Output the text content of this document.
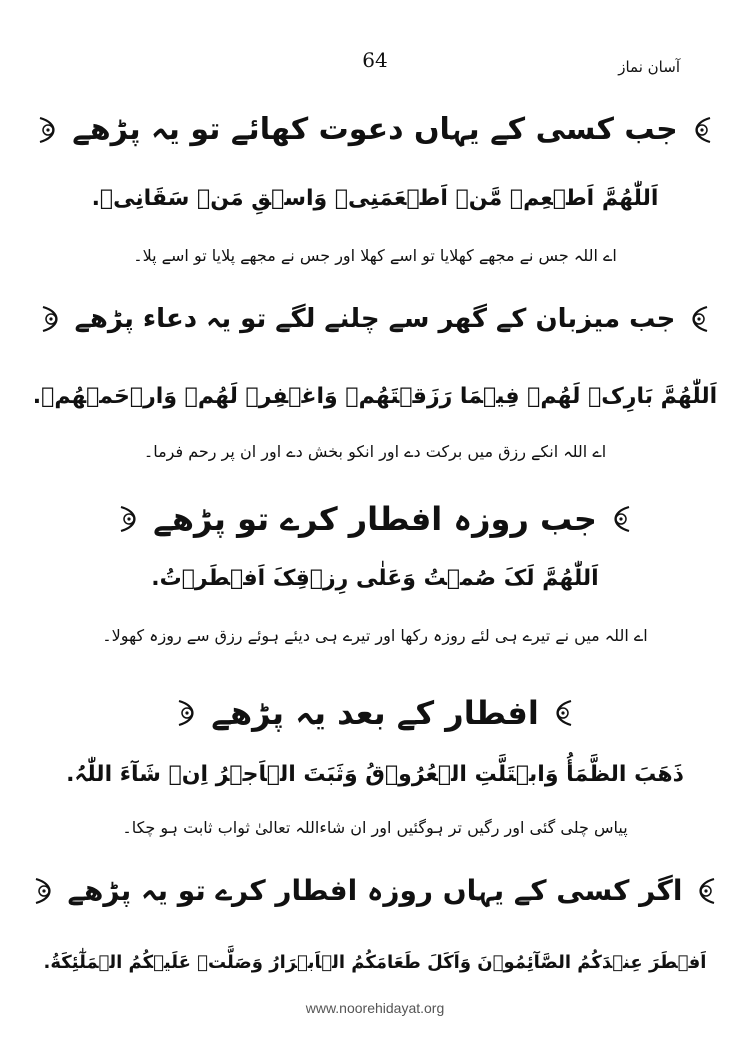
64	آسان نماز
جب کسی کے یہاں دعوت کھائے تو یہ پڑھے
اَللّٰھُمَّ اَطۡعِمۡ مَّنۡ اَطۡعَمَنِیۡ وَاسۡقِ مَنۡ سَقَانِیۡ.
اے اللہ جس نے مجھے کھلایا تو اسے کھلا اور جس نے مجھے پلایا تو اسے پلا۔
جب میزبان کے گھر سے چلنے لگے تو یہ دعاء پڑھے
اَللّٰھُمَّ بَارِکۡ لَھُمۡ فِیۡمَا رَزَقۡتَھُمۡ وَاغۡفِرۡ لَھُمۡ وَارۡحَمۡھُمۡ.
اے اللہ انکے رزق میں برکت دے اور انکو بخش دے اور ان پر رحم فرما۔
جب روزہ افطار کرے تو پڑھے
اَللّٰھُمَّ لَکَ صُمۡتُ وَعَلٰی رِزۡقِکَ اَفۡطَرۡتُ.
اے اللہ میں نے تیرے ہی لئے روزہ رکھا اور تیرے ہی دیئے ہوئے رزق سے روزہ کھولا۔
افطار کے بعد یہ پڑھے
ذَھَبَ الظَّمَأُ وَابۡتَلَّتِ الۡعُرُوۡقُ وَثَبَتَ الۡاَجۡرُ اِنۡ شَآءَ اللّٰہُ.
پیاس چلی گئی اور رگیں تر ہوگئیں اور ان شاءاللہ تعالیٰ ثواب ثابت ہو چکا۔
اگر کسی کے یہاں روزہ افطار کرے تو یہ پڑھے
اَفۡطَرَ عِنۡدَکُمُ الصَّآئِمُوۡنَ وَاَکَلَ طَعَامَکُمُ الۡاَبۡرَارُ وَصَلَّتۡ عَلَیۡکُمُ الۡمَلٰٓئِکَةُ.
www.noorehidayat.org
